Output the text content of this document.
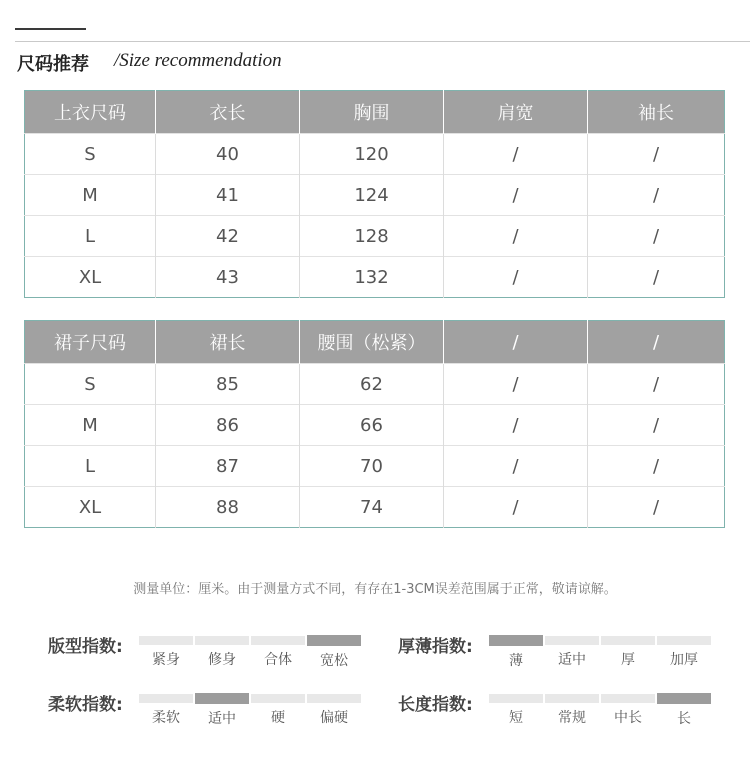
尺码推荐 /Size recommendation
上衣尺码	衣长	胸围	肩宽	袖长
S	40	120	/	/
M	41	124	/	/
L	42	128	/	/
XL	43	132	/	/
裙子尺码	裙长	腰围（松紧）	/	/
S	85	62	/	/
M	86	66	/	/
L	87	70	/	/
XL	88	74	/	/
测量单位：厘米。由于测量方式不同，有存在1-3CM误差范围属于正常，敬请谅解。
版型指数:
紧身	修身	合体	宽松
厚薄指数:
薄	适中	厚	加厚
柔软指数:
柔软	适中	硬	偏硬
长度指数:
短	常规	中长	长
